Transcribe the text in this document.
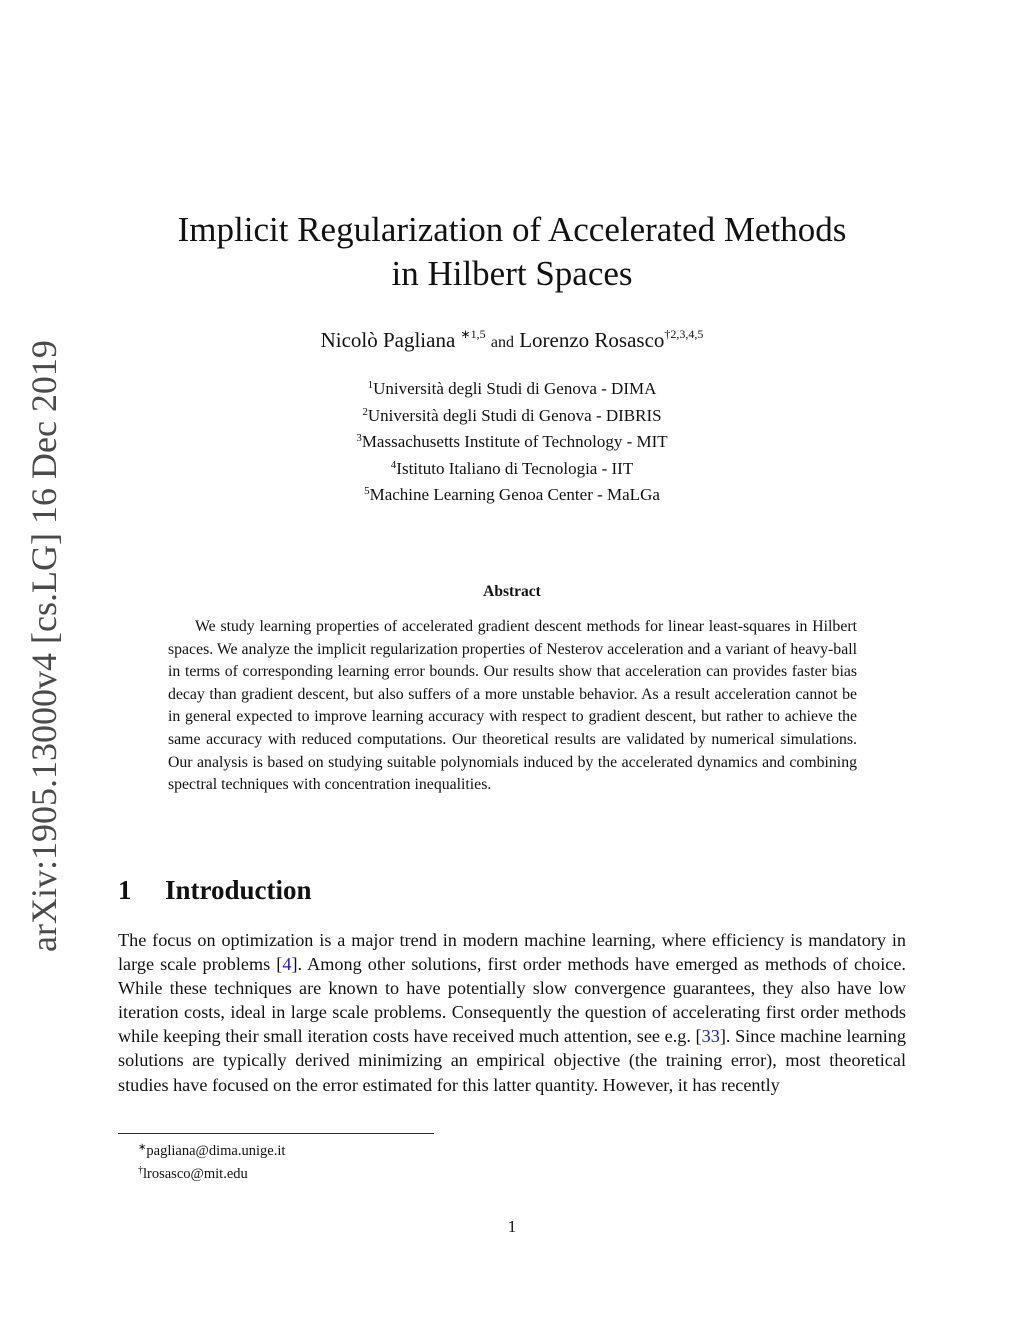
arXiv:1905.13000v4 [cs.LG] 16 Dec 2019
Implicit Regularization of Accelerated Methods
in Hilbert Spaces
Nicolò Pagliana $^{∗1,5}$ and Lorenzo Rosasco$^{\dagger 2,3,4,5}$
$^1$Università degli Studi di Genova - DIMA
$^2$Università degli Studi di Genova - DIBRIS
$^3$Massachusetts Institute of Technology - MIT
$^4$Istituto Italiano di Tecnologia - IIT
$^5$Machine Learning Genoa Center - MaLGa
Abstract

We study learning properties of accelerated gradient descent methods for linear least-squares in Hilbert spaces. We analyze the implicit regularization properties of Nesterov acceleration and a variant of heavy-ball in terms of corresponding learning error bounds. Our results show that acceleration can provides faster bias decay than gradient descent, but also suffers of a more unstable behavior. As a result acceleration cannot be in general expected to improve learning accuracy with respect to gradient descent, but rather to achieve the same accuracy with reduced computations. Our theoretical results are validated by numerical simulations. Our analysis is based on studying suitable polynomials induced by the accelerated dynamics and combining spectral techniques with concentration inequalities.

1 Introduction

The focus on optimization is a major trend in modern machine learning, where efficiency is mandatory in large scale problems [4]. Among other solutions, first order methods have emerged as methods of choice. While these techniques are known to have potentially slow convergence guarantees, they also have low iteration costs, ideal in large scale problems. Consequently the question of accelerating first order methods while keeping their small iteration costs have received much attention, see e.g. [33]. Since machine learning solutions are typically derived minimizing an empirical objective (the training error), most theoretical studies have focused on the error estimated for this latter quantity. However, it has recently

∗pagliana@dima.unige.it
†lrosasco@mit.edu
1
